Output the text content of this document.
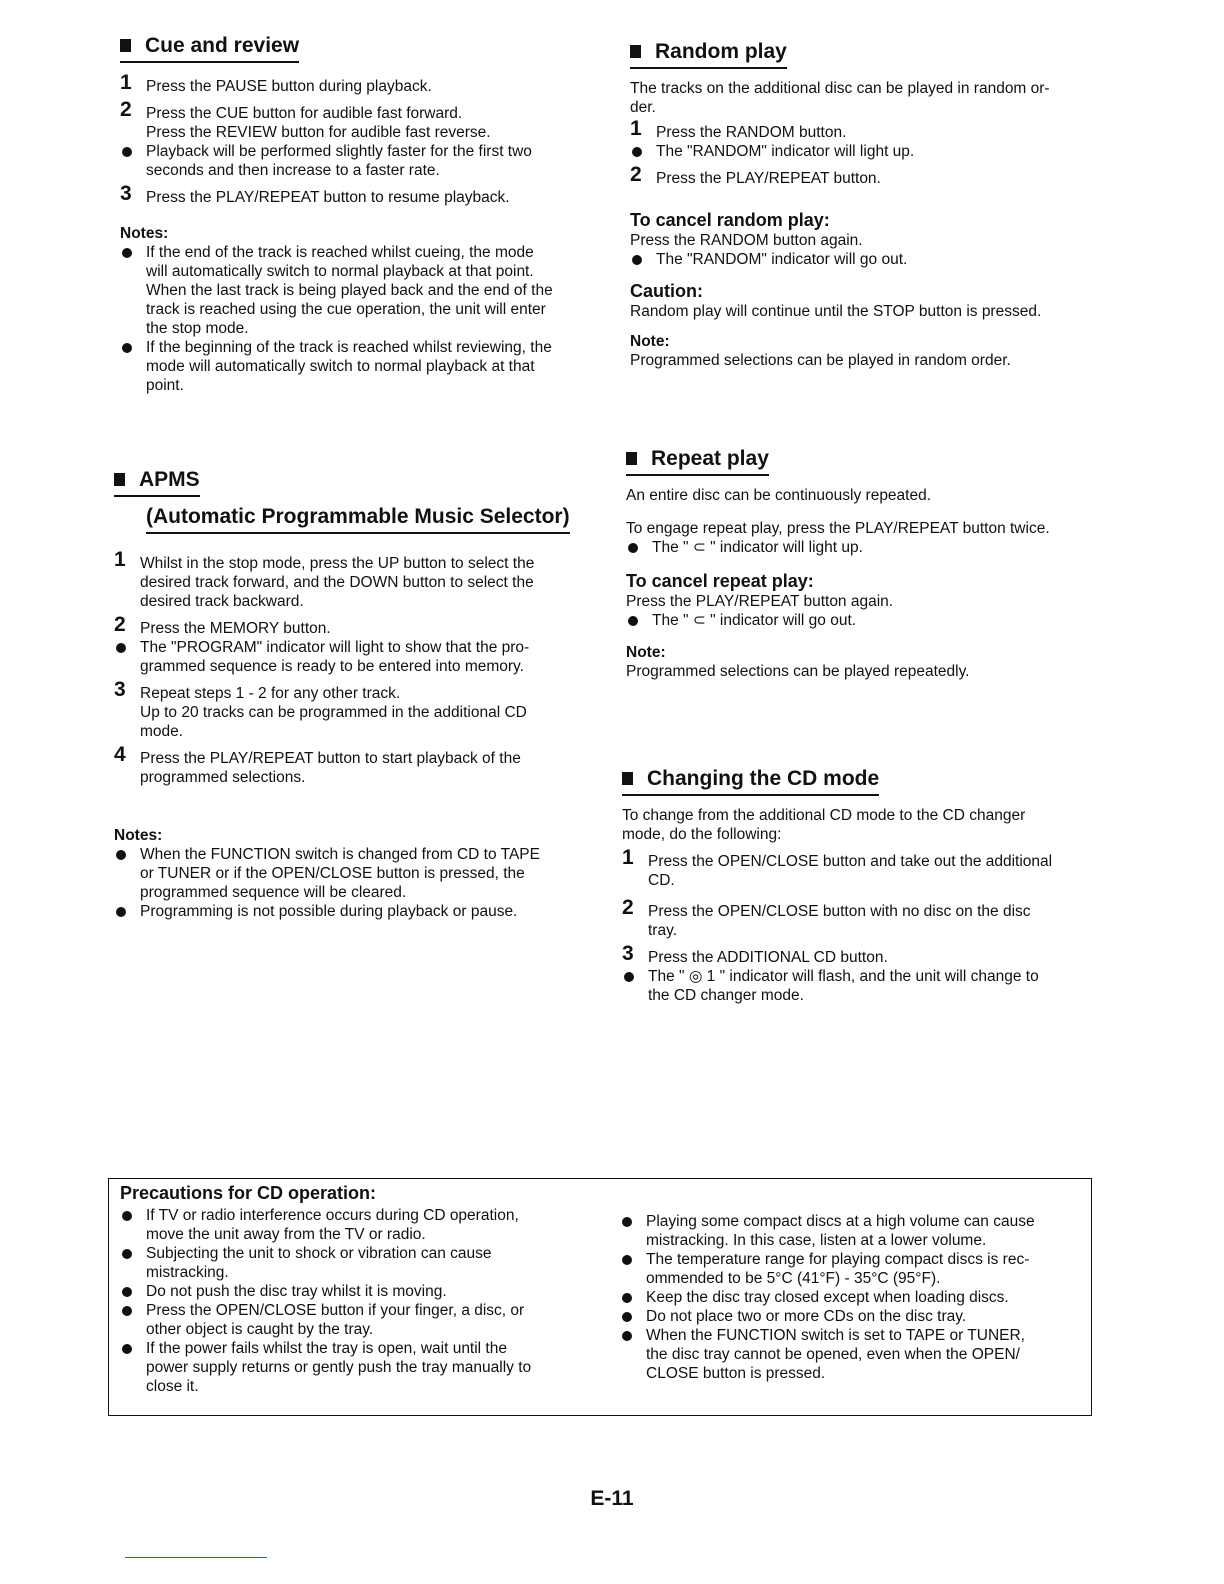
Cue and review
1 Press the PAUSE button during playback.
2 Press the CUE button for audible fast forward.
Press the REVIEW button for audible fast reverse.
Playback will be performed slightly faster for the first two
seconds and then increase to a faster rate.
3 Press the PLAY/REPEAT button to resume playback.
Notes:
If the end of the track is reached whilst cueing, the mode
will automatically switch to normal playback at that point.
When the last track is being played back and the end of the
track is reached using the cue operation, the unit will enter
the stop mode.
If the beginning of the track is reached whilst reviewing, the
mode will automatically switch to normal playback at that
point.
APMS
(Automatic Programmable Music Selector)
1 Whilst in the stop mode, press the UP button to select the
desired track forward, and the DOWN button to select the
desired track backward.
2 Press the MEMORY button.
The "PROGRAM" indicator will light to show that the pro-
grammed sequence is ready to be entered into memory.
3 Repeat steps 1 - 2 for any other track.
Up to 20 tracks can be programmed in the additional CD
mode.
4 Press the PLAY/REPEAT button to start playback of the
programmed selections.
Notes:
When the FUNCTION switch is changed from CD to TAPE
or TUNER or if the OPEN/CLOSE button is pressed, the
programmed sequence will be cleared.
Programming is not possible during playback or pause.
Random play
The tracks on the additional disc can be played in random or-
der.
1 Press the RANDOM button.
The "RANDOM" indicator will light up.
2 Press the PLAY/REPEAT button.
To cancel random play:
Press the RANDOM button again.
The "RANDOM" indicator will go out.
Caution:
Random play will continue until the STOP button is pressed.
Note:
Programmed selections can be played in random order.
Repeat play
An entire disc can be continuously repeated.
To engage repeat play, press the PLAY/REPEAT button twice.
The " ⊂ " indicator will light up.
To cancel repeat play:
Press the PLAY/REPEAT button again.
The " ⊂ " indicator will go out.
Note:
Programmed selections can be played repeatedly.
Changing the CD mode
To change from the additional CD mode to the CD changer
mode, do the following:
1 Press the OPEN/CLOSE button and take out the additional
CD.
2 Press the OPEN/CLOSE button with no disc on the disc
tray.
3 Press the ADDITIONAL CD button.
The " ◎ 1 " indicator will flash, and the unit will change to
the CD changer mode.
Precautions for CD operation:
If TV or radio interference occurs during CD operation,
move the unit away from the TV or radio.
Subjecting the unit to shock or vibration can cause
mistracking.
Do not push the disc tray whilst it is moving.
Press the OPEN/CLOSE button if your finger, a disc, or
other object is caught by the tray.
If the power fails whilst the tray is open, wait until the
power supply returns or gently push the tray manually to
close it.
Playing some compact discs at a high volume can cause
mistracking. In this case, listen at a lower volume.
The temperature range for playing compact discs is rec-
ommended to be 5°C (41°F) - 35°C (95°F).
Keep the disc tray closed except when loading discs.
Do not place two or more CDs on the disc tray.
When the FUNCTION switch is set to TAPE or TUNER,
the disc tray cannot be opened, even when the OPEN/
CLOSE button is pressed.
E-11
